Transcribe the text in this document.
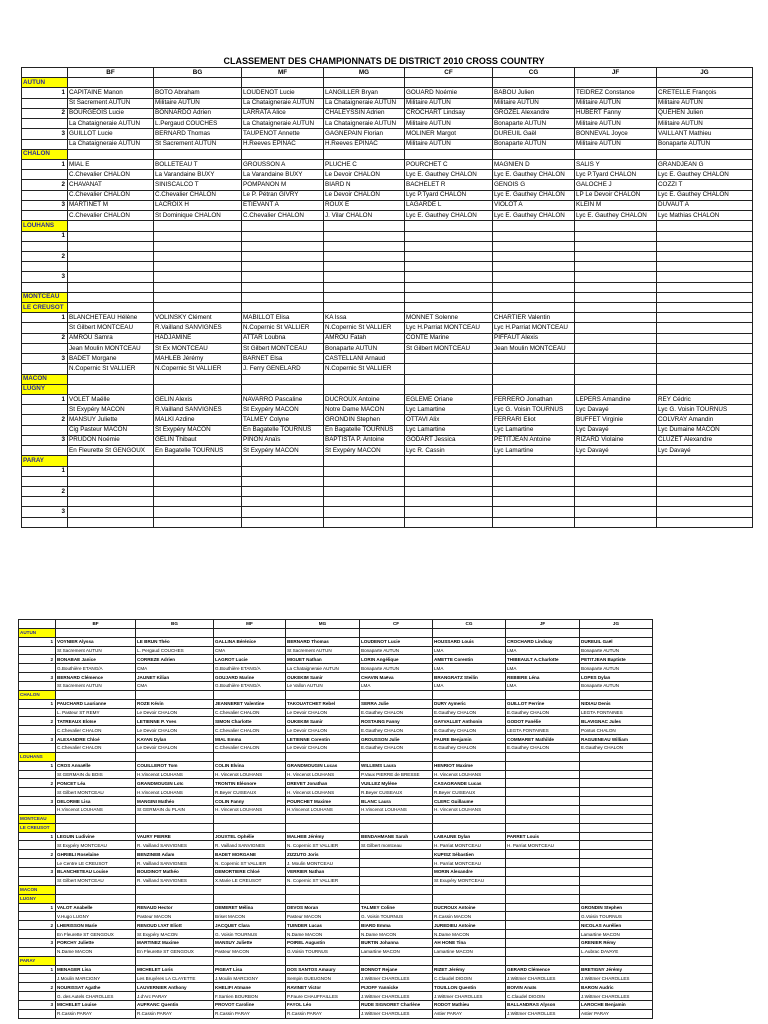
CLASSEMENT DES CHAMPIONNATS DE DISTRICT 2010 CROSS COUNTRY
	BF	BG	MF	MG	CF	CG	JF	JG
AUTUN								
1	CAPITAINE Manon	BOTO Abraham	LOUDENOT Lucie	LANGILLER Bryan	GOUARD Noémie	BABOU Julien	TEIDREZ Constance	CRETELLE François
	St Sacrement AUTUN	Militaire AUTUN	La Chataigneraie AUTUN	La Chataigneraie AUTUN	Militaire AUTUN	Militaire AUTUN	Militaire AUTUN	Militaire AUTUN
2	BOURGEOIS Lucie	BONNARDO Adrien	LARRATA Alice	CHALEYSSIN Adrien	CROCHART Lindsay	GROZEL Alexandre	HUBERT Fanny	QUEHEN Julien
	La Chataigneraie AUTUN	L.Pergaud COUCHES	La Chataigneraie AUTUN	La Chataigneraie AUTUN	Militaire AUTUN	Bonaparte AUTUN	Militaire AUTUN	Militaire AUTUN
3	GUILLOT Lucie	BERNARD Thomas	TAUPENOT Annette	GAGNEPAIN Florian	MOLINER Margot	DUREUIL Gaël	BONNEVAL Joyce	VAILLANT Mathieu
	La Chataigneraie AUTUN	St Sacrement AUTUN	H.Reeves EPINAC	H.Reeves EPINAC	Militaire AUTUN	Bonaparte AUTUN	Militaire AUTUN	Bonaparte AUTUN
CHALON								
1	MIAL E	BOLLETEAU T	GROUSSON A	PLUCHE C	POURCHET C	MAGNIEN D	SALIS Y	GRANDJEAN G
	C.Chevalier CHALON	La Varandaine BUXY	La Varandaine BUXY	Le Devoir CHALON	Lyc E. Gauthey CHALON	Lyc E. Gauthey CHALON	Lyc P.Tyard CHALON	Lyc E. Gauthey CHALON
2	CHAVANAT	SINISCALCO T	POMPANON M	BIARD N	BACHELET R	GENOIS G	GALOCHE J	COZZI T
	C.Chevalier CHALON	C.Chevalier CHALON	Le P. Pétran GIVRY	Le Devoir CHALON	Lyc P.Tyard CHALON	Lyc E. Gauthey CHALON	LP Le Devoir CHALON	Lyc E. Gauthey CHALON
3	MARTINET M	LACROIX H	ETIEVANT A	ROUX E	LAGARDE L	VIOLOT A	KLEIN M	DUVAUT A
	C.Chevalier CHALON	St Dominique CHALON	C.Chevalier CHALON	J. Vilar CHALON	Lyc E. Gauthey CHALON	Lyc E. Gauthey CHALON	Lyc E. Gauthey CHALON	Lyc Mathias CHALON
LOUHANS								
1								

2								

3								

MONTCEAU								
LE CREUSOT								
1	BLANCHETEAU Hélène	VOLINSKY Clément	MABILLOT Elisa	KA Issa	MONNET Solenne	CHARTIER Valentin		
	St Gilbert MONTCEAU	R.Vailland SANVIGNES	N.Copernic St VALLIER	N.Copernic St VALLIER	Lyc H.Parriat MONTCEAU	Lyc H.Parriat MONTCEAU		
2	AMROU Samra	HADJAMINE	ATTAR Loubna	AMROU Fatah	CONTE Marine	PIFFAUT Alexis		
	Jean Moulin MONTCEAU	St Ex MONTCEAU	St Gilbert MONTCEAU	Bonaparte AUTUN	St Gilbert MONTCEAU	Jean Moulin MONTCEAU		
3	BADET Morgane	MAHLEB Jérémy	BARNET Elsa	CASTELLANI Arnaud				
	N.Copernic St VALLIER	N.Copernic St VALLIER	J. Ferry GENELARD	N.Copernic St VALLIER				
MACON								
LUGNY								
1	VOLET Maëlle	GELIN Alexis	NAVARRO Pascaline	DUCROUX Antoine	EGLEME Oriane	FERRERO Jonathan	LEPERS Amandine	REY Cédric
	St Exypéry MACON	R.Vailland SANVIGNES	St Exypéry MACON	Notre Dame MACON	Lyc Lamartine	Lyc G. Voisin TOURNUS	Lyc Davayé	Lyc G. Voisin TOURNUS
2	MANSUY Juliette	MALKI Azdine	TALMEY Colyne	GRONDIN Stephen	OTTAVI Alix	FERRARI Eliot	BUFFET Virginie	COLVRAY Amandin
	Cig Pasteur MACON	St Exypéry MACON	En Bagatelle TOURNUS	En Bagatelle TOURNUS	Lyc Lamartine	Lyc Lamartine	Lyc Davayé	Lyc Dumaine MACON
3	PRUDON Noémie	GELIN Thibaut	PINON Anaïs	BAPTISTA P. Antoine	GODART Jessica	PETITJEAN Antoine	RIZARD Violaine	CLUZET Alexandre
	En Fleurette St GENGOUX	En Bagatelle TOURNUS	St Exypéry MACON	St Exypéry MACON	Lyc R. Cassin	Lyc Lamartine	Lyc Davayé	Lyc Davayé
PARAY								
1								

2								

3								

	BF	BG	MF	MG	CF	CG	JF	JG
AUTUN								
1	VOYNIER Alyssa	LE BRUN Théo	GALLINA Bérénice	BERNARD Thomas	LOUDENOT Lucie	HOUSSARD Louis	CROCHARD Lindsay	DUREUIL Gaël
	St Sacrement AUTUN	L. Pergaud COUCHES	CMA	St Sacrement AUTUN	Bonaparte AUTUN	LMA	LMA	Bonaparte AUTUN
2	BONABAE Janice	CORREZE Adrien	LAGROT Lucie	MIGUET Nathan	LORIN Angélique	AMETTE Corentin	THIBEAULT A.Charlotte	PETITJEAN Baptiste
	G.Bouthière ETANG/A	CMA	G.Bouthière ETANG/A	La Chataigneraie AUTUN	Bonaparte AUTUN	LMA	LMA	Bonaparte AUTUN
3	BERNARD Clémence	JAUNET Kilian	GOUJARD Marine	OUKEKIM Samir	CHAVIN Maëva	BRANGRATZ Steilin	REBIERE Léna	LOPES Dylan
	St Sacrement AUTUN	CMA	G.Bouthière ETANG/A	Le Vallon AUTUN	LMA	LMA	LMA	Bonaparte AUTUN
CHALON								
1	PAUCHARD Laurianne	ROZE Kévin	JEANNERET Valentine	TAKOUATCHET Rebel	SERRA Julie	DURY Aymeric	GUILLOT Perrine	NIDIAU Denis
	L. Pasteur ST REMY	Le Devoir CHALON	C.Chevalier CHALON	Le Devoir CHALON	E.Gauthey CHALON	E.Gauthey CHALON	E.Gauthey CHALON	LEGTA FONTAINES
2	TATREAUX Eloïse	LETIENNE P. Yves	SIMON Charlotte	OUKEKIM Samir	ROSTAING Fanny	GAYVALLET Anthonin	GODOT Fanélie	BLAVIGNAC Jules
	C.Chevalier CHALON	Le Devoir CHALON	C.Chevalier CHALON	Le Devoir CHALON	E.Gauthey CHALON	E.Gauthey CHALON	LEGTA FONTAINES	Pontus CHALON
3	ALEXANDRE Chloé	KAYAN Dylan	MIAL Emma	LETIENNE Corentin	GROUSSON Julie	FAURE Benjamin	COMMARET Mathilde	RAGUENEAU William
	C.Chevalier CHALON	Le Devoir CHALON	C.Chevalier CHALON	Le Devoir CHALON	E.Gauthey CHALON	E.Gauthey CHALON	E.Gauthey CHALON	E.Gauthey CHALON
LOUHANS								
1	CROS Annaëlle	COUILLEROT Tom	COLIN Elvina	GRANDMOUGIN Lucas	WILLEMS Laura	HENRIOT Maxime		
	St GERMAIN du BOIS	H.Vincenot LOUHANS	H. Vincenot LOUHANS	H. Vincenot LOUHANS	P.Vaux PIERRE de BRESSE	H. Vincenot LOUHANS		
2	PONCET Léa	GRANDMOUGIN Loïc	TRONTIN Eléonore	DREVET Jonathan	VUILLEZ Mylène	CASAGRANDE Lucas		
	St Gilbert MONTCEAU	H.Vincenot LOUHANS	R.Beyer CUISEAUX	H. Vincenot LOUHANS	R.Beyer CUISEAUX	R.Beyer CUISEAUX		
3	DELORME Lisa	MANGINI Mathéo	COLIN Fanny	POURCHET Maxime	BLANC Laura	CLERC Guillaume		
	H.Vincenot LOUHANS	St GERMAIN du PLAIN	H. Vincenot LOUHANS	H.Vincenot LOUHANS	H.Vincenot LOUHANS	H. Vincenot LOUHANS		
MONTCEAU								
LE CREUSOT								
1	LEGUIN Ludivine	VAURY PIERRE	JOUXTEL Ophélie	MALHEB Jérémy	BENDAHMANE Sarah	LABAUNE Dylan	PARRET Louis	
	St Exypéry MONTCEAU	R. Vailland SANVIGNES	R. Vailland SANVIGNES	N. Copernic ST VALLIER	St Gilbert montceau	H. Parriat MONTCEAU	H. Parriat MONTCEAU	
2	GHRIBLI Roselaine	BENZINEB Adam	BADET MORGANE	ZIZZUTO Joris		KUPISZ Sébastien		
	Le Centre LE CREUSOT	R. Vailland SANVIGNES	N. Copernic ST VALLIER	J. Moulin MONTCEAU		H. Parriat MONTCEAU		
3	BLANCHETEAU Louise	BOUDINOT Mathéo	DEMORTIERE Chloé	VERRIER Nathan		MORIN Alexandre		
	St Gilbert MONTCEAU	R. Vailland SANVIGNES	X.Marie LE CREUSOT	N. Copernic ST VALLIER		St Exupéry MONTCEAU		
MACON								
LUGNY								
1	VALOT Anabelle	RENAUD Hector	DEMERET Mélina	DEVOS Moran	TALMEY Coline	DUCROUX Antoine		GRONDIN Stephen
	V.Hugo LUGNY	Pasteur MACON	Briset MACON	Pasteur MACON	G. Voisin TOURNUS	R.Cassin MACON		G.Voisin TOURNUS
2	LHERISSON Marie	RENOUD LYAT Eliott	JACQUET Clara	TUINDER Lucas	BIARD Emma	JUREDIEU Antoine		NICOLAS Aurélien
	En Fleurette ST GENGOUX	St Exypéry MACON	G. Voisin TOURNUS	N.Dame MACON	N.Dame MACON	N.Dame MACON		Lamartine MACON
3	PORCHY Juliette	MARTINEZ Maxime	MANSUY Juliette	POIREL Augustin	BURTIN Johanna	AH HONE Tina		GRENIER Rémy
	N.Dame MACON	En Fleurette ST GENGOUX	Pasteur MACON	G.Voisin TOURNUS	Lamartine MACON	Lamartine MACON		L.Aubrac DAVAYE
PARAY								
1	MENAGER Lisa	MICHELET Loris	PIGEAT Lisa	DOS SANTOS Amaury	BONNOT Rejane	RIZET Jérémy	GERARD Clémence	BRETIGNY Jérémy
	J.Moulin MARCIGNY	Les Bruyères LA CLAYETTE	J.Moulin MARCIGNY	Sempin GUEUGNON	J.Wittmer CHAROLLES	C.Claudel DIGOIN	J.Wittmer CHAROLLES	J.Wittmer CHAROLLES
2	NOURISSAT Agathe	LAUVERNIER Anthony	KHELIFI Atmane	RAVINET Victor	PIJOFF Yannicke	TOUILLON Quentin	BOIVIN Anaïs	BARON Audric
	G. des Autels CHAROLLES	J.d'Arc PARAY	F.Sarrien BOURBON	P.Faure CHAUFFAILLES	J.Wittmer CHAROLLES	J.Wittmer CHAROLLES	C.Claudel DIGOIN	J.Wittmer CHAROLLES
3	MICHELET Louise	AUFRANC Quentin	PROVOT Caroline	FAYOL Léo	RUDE SIGNORET Charlène	RODOT Mathieu	BALLANDRAS Alyson	LAROCHE Benjamin
	R.Cassin PARAY	R.Cassin PARAY	R.Cassin PARAY	R.Cassin PARAY	J.Wittmer CHAROLLES	Astier PARAY	J.Wittmer CHAROLLES	Astier PARAY
